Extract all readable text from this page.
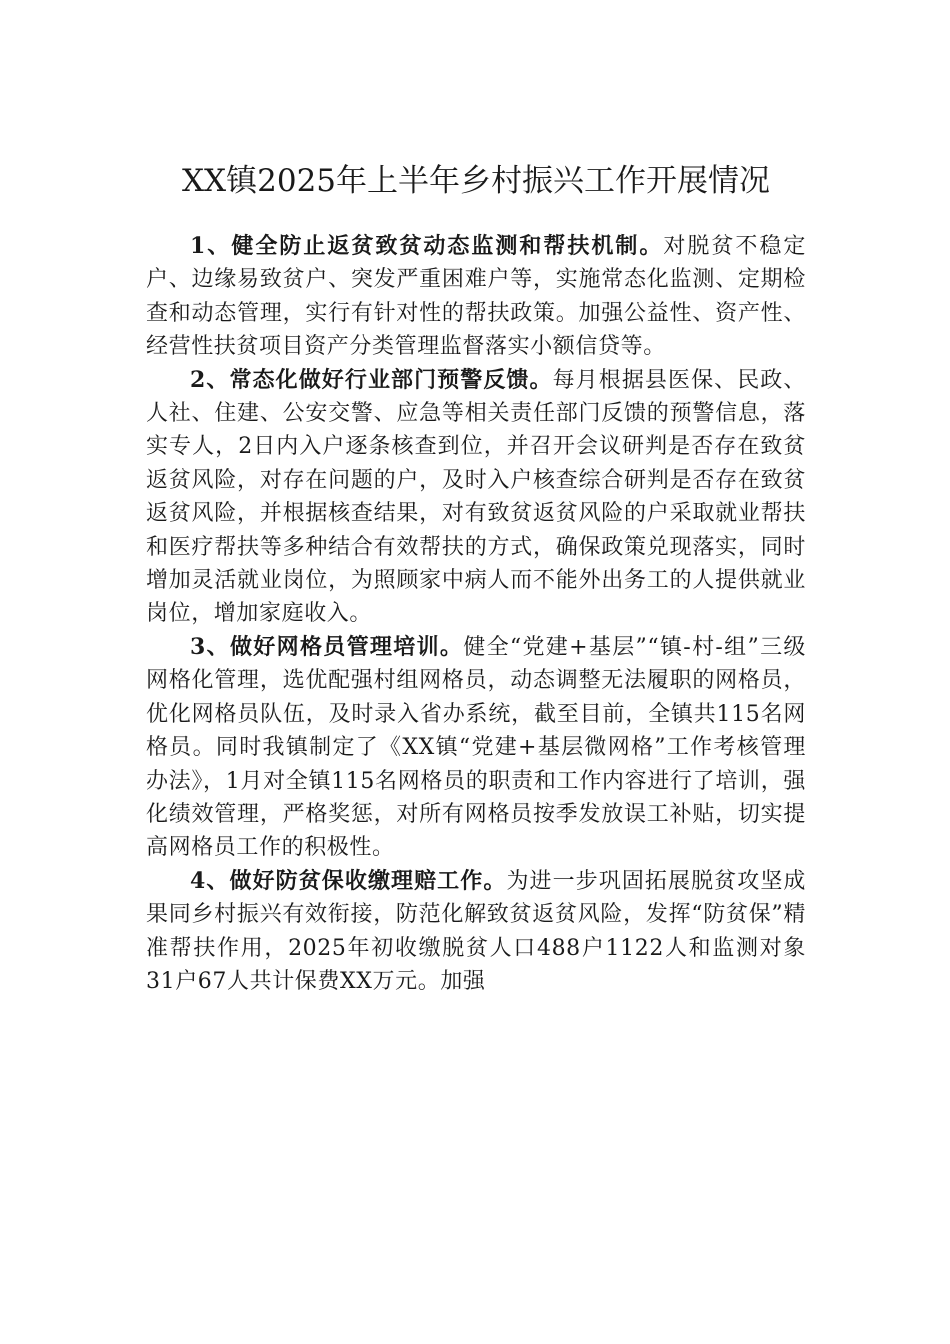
XX镇2025年上半年乡村振兴工作开展情况

1、健全防止返贫致贫动态监测和帮扶机制。对脱贫不稳定户、边缘易致贫户、突发严重困难户等，实施常态化监测、定期检查和动态管理，实行有针对性的帮扶政策。加强公益性、资产性、经营性扶贫项目资产分类管理监督落实小额信贷等。

2、常态化做好行业部门预警反馈。每月根据县医保、民政、人社、住建、公安交警、应急等相关责任部门反馈的预警信息，落实专人，2日内入户逐条核查到位，并召开会议研判是否存在致贫返贫风险，对存在问题的户，及时入户核查综合研判是否存在致贫返贫风险，并根据核查结果，对有致贫返贫风险的户采取就业帮扶和医疗帮扶等多种结合有效帮扶的方式，确保政策兑现落实，同时增加灵活就业岗位，为照顾家中病人而不能外出务工的人提供就业岗位，增加家庭收入。

3、做好网格员管理培训。健全“党建+基层”“镇-村-组”三级网格化管理，选优配强村组网格员，动态调整无法履职的网格员，优化网格员队伍，及时录入省办系统，截至目前，全镇共115名网格员。同时我镇制定了《XX镇“党建+基层微网格”工作考核管理办法》，1月对全镇115名网格员的职责和工作内容进行了培训，强化绩效管理，严格奖惩，对所有网格员按季发放误工补贴，切实提高网格员工作的积极性。

4、做好防贫保收缴理赔工作。为进一步巩固拓展脱贫攻坚成果同乡村振兴有效衔接，防范化解致贫返贫风险，发挥“防贫保”精准帮扶作用，2025年初收缴脱贫人口488户1122人和监测对象31户67人共计保费XX万元。加强
